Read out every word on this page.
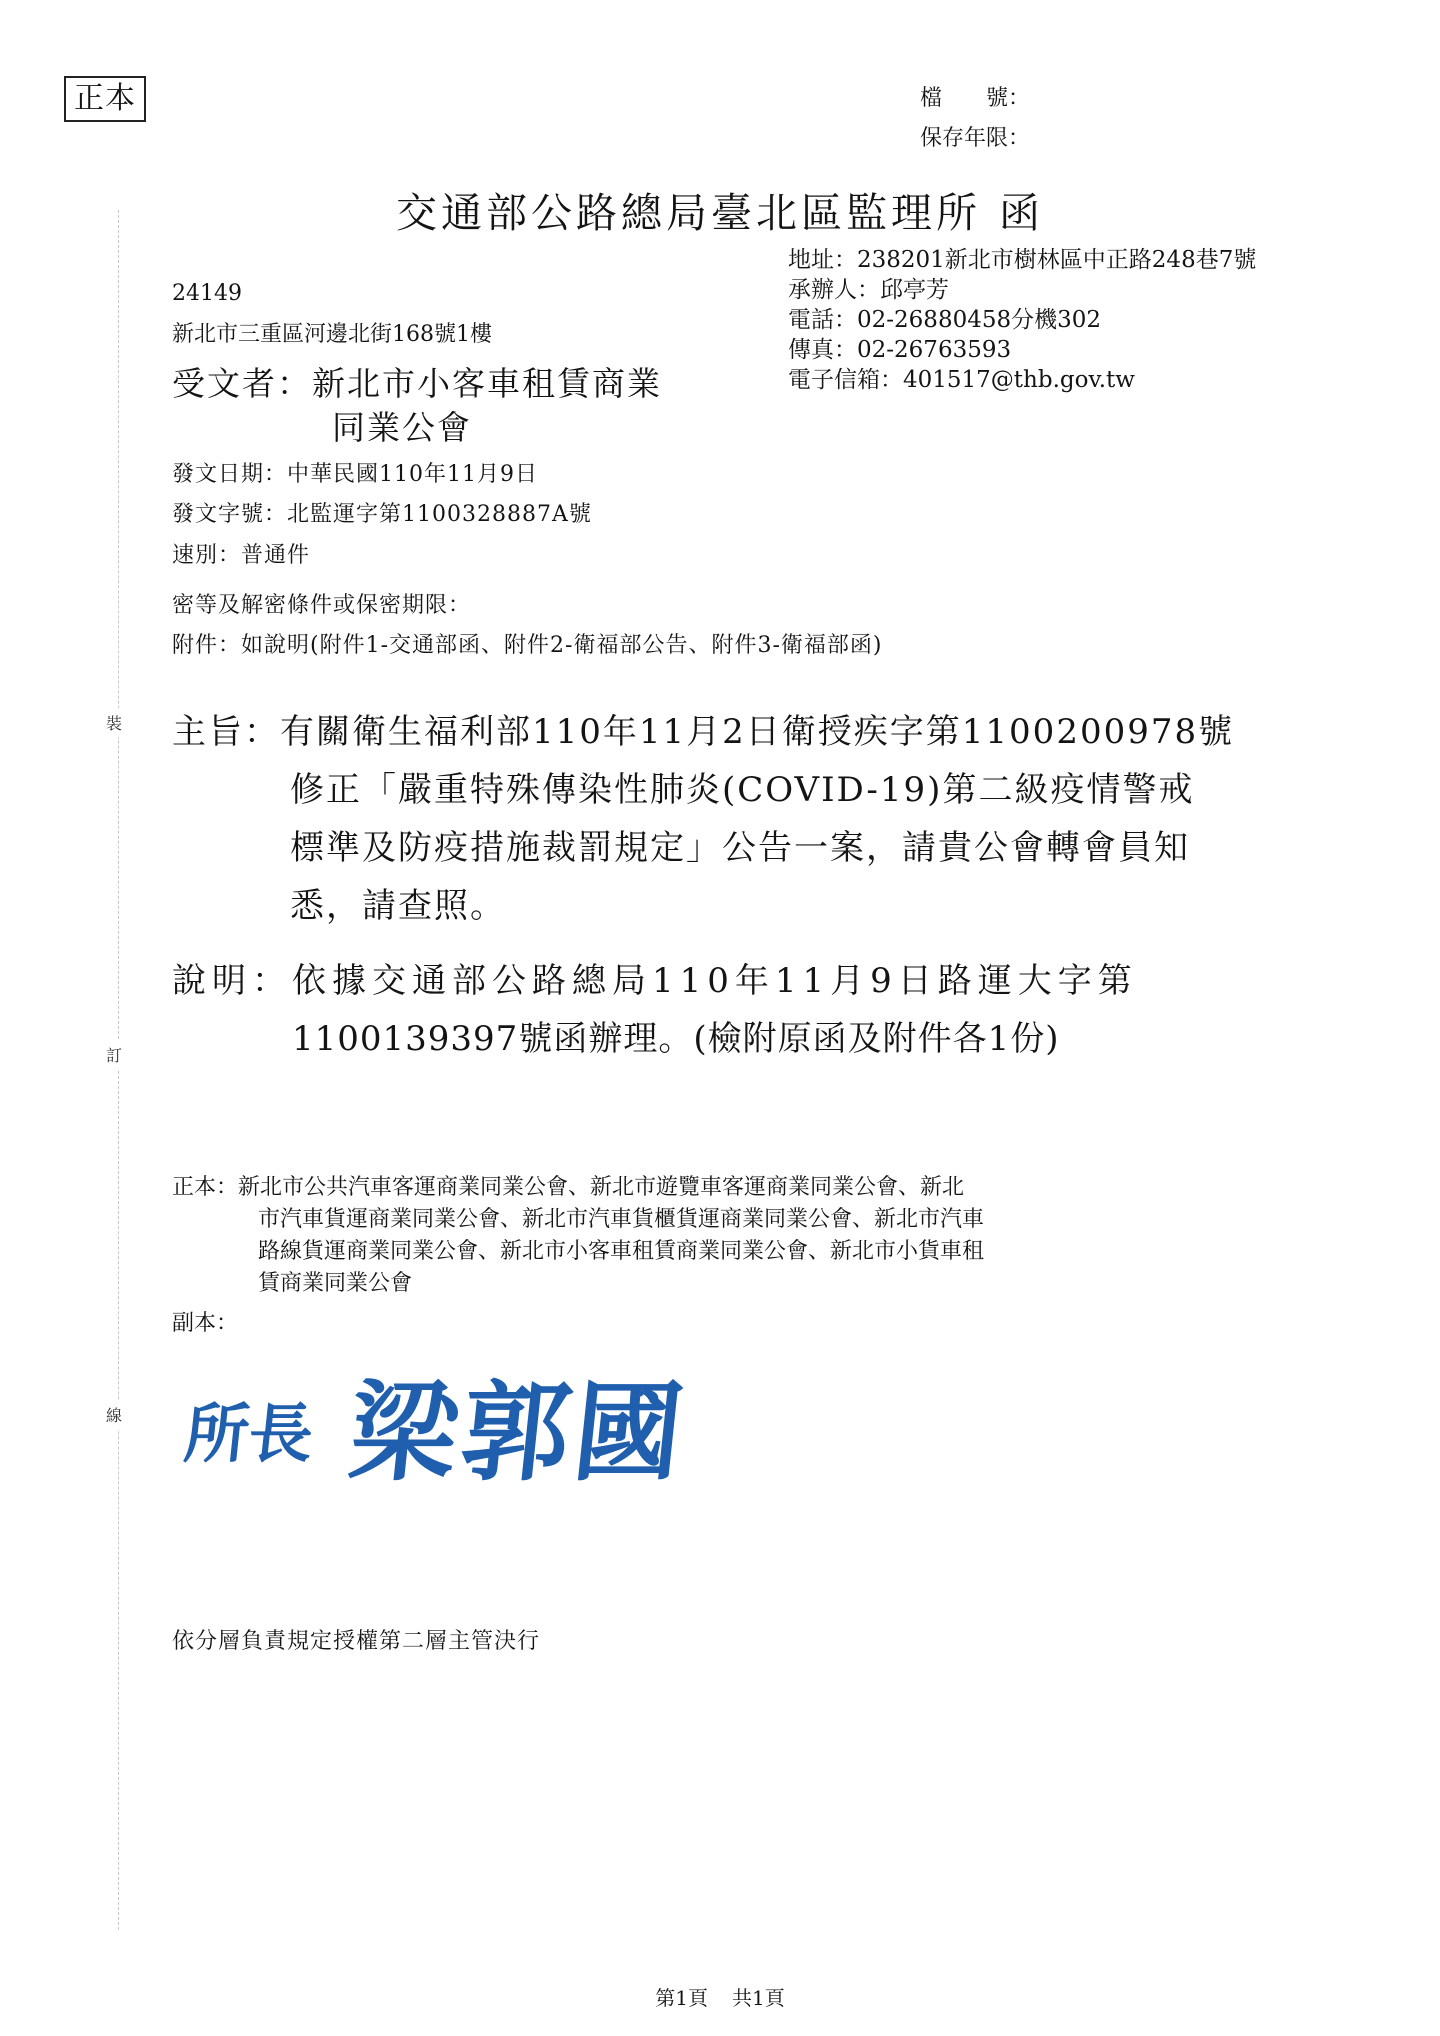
裝
訂
線
正本	檔　　號：
保存年限：
交通部公路總局臺北區監理所 函
地址：238201新北市樹林區中正路248巷7號
承辦人：邱亭芳
電話：02-26880458分機302
傳真：02-26763593
電子信箱：401517@thb.gov.tw
24149
新北市三重區河邊北街168號1樓
受文者：新北市小客車租賃商業
同業公會
發文日期：中華民國110年11月9日
發文字號：北監運字第1100328887A號
速別：普通件
密等及解密條件或保密期限：
附件：如說明(附件1-交通部函、附件2-衛福部公告、附件3-衛福部函)
主旨：有關衛生福利部110年11月2日衛授疾字第1100200978號
修正「嚴重特殊傳染性肺炎(COVID-19)第二級疫情警戒
標準及防疫措施裁罰規定」公告一案，請貴公會轉會員知
悉，請查照。
說明：依據交通部公路總局110年11月9日路運大字第
1100139397號函辦理。(檢附原函及附件各1份)
正本：新北市公共汽車客運商業同業公會、新北市遊覽車客運商業同業公會、新北
市汽車貨運商業同業公會、新北市汽車貨櫃貨運商業同業公會、新北市汽車
路線貨運商業同業公會、新北市小客車租賃商業同業公會、新北市小貨車租
賃商業同業公會
副本：
所長 梁郭國
依分層負責規定授權第二層主管決行
第1頁 共1頁
